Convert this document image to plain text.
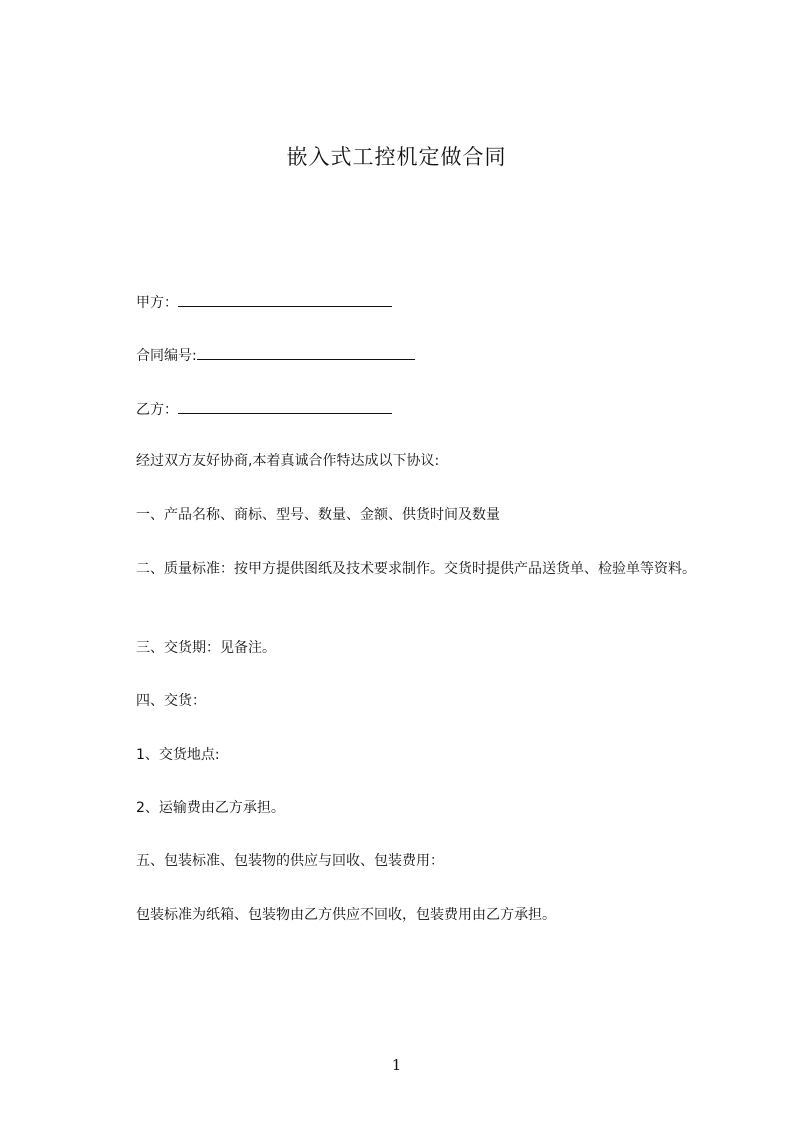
嵌入式工控机定做合同
甲方：
合同编号:
乙方：
经过双方友好协商,本着真诚合作特达成以下协议:
一、产品名称、商标、型号、数量、金额、供货时间及数量
二、质量标准：按甲方提供图纸及技术要求制作。交货时提供产品送货单、检验单等资料。
三、交货期：见备注。
四、交货：
1、交货地点:
2、运输费由乙方承担。
五、包装标准、包装物的供应与回收、包装费用：
包装标准为纸箱、包装物由乙方供应不回收，包装费用由乙方承担。
1
